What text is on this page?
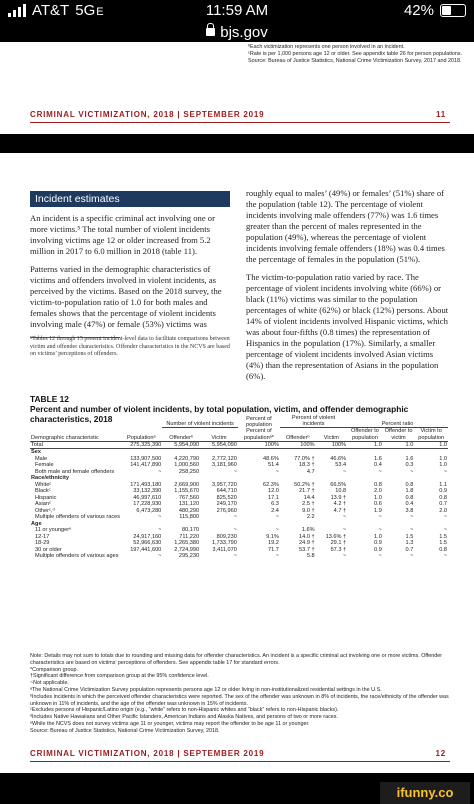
AT&T 5GE	11:59 AM	42%
bjs.gov
ᵇEach victimization represents one person involved in an incident.
ᶜRate is per 1,000 persons age 12 or older. See appendix table 26 for person populations.
Source: Bureau of Justice Statistics, National Crime Victimization Survey, 2017 and 2018.
CRIMINAL VICTIMIZATION, 2018 | SEPTEMBER 2019	11
Incident estimates

An incident is a specific criminal act involving one or more victims.⁵ The total number of violent incidents involving victims age 12 or older increased from 5.2 million in 2017 to 6.0 million in 2018 (table 11).

Patterns varied in the demographic characteristics of victims and offenders involved in violent incidents, as perceived by the victims. Based on the 2018 survey, the victim-to-population ratio of 1.0 for both males and females shows that the percentage of violent incidents involving male (47%) or female (53%) victims was

⁵Tables 12 through 15 present incident-level data to facilitate comparisons between victim and offender characteristics. Offender characteristics in the NCVS are based on victims’ perceptions of offenders.

roughly equal to males’ (49%) or females’ (51%) share of the population (table 12). The percentage of violent incidents involving male offenders (77%) was 1.6 times greater than the percent of males represented in the population (49%), whereas the percentage of violent incidents involving female offenders (18%) was 0.4 times the percentage of females in the population (51%).

The victim-to-population ratio varied by race. The percentage of violent incidents involving white (66%) or black (11%) victims was similar to the population percentages of white (62%) or black (12%) persons. About 14% of violent incidents involved Hispanic victims, which was about four-fifths (0.8 times) the representation of Hispanics in the population (17%). Similarly, a smaller percentage of violent incidents involved Asian victims (4%) than the representation of Asians in the population (6%).

TABLE 12
Percent and number of violent incidents, by total population, victim, and offender demographic characteristics, 2018
		Number of violent incidents		Percent of population	Percent of violent incidents		Percent ratio		
Demographic characteristic	Populationᵃ	Offenderᵇ	Victim	Percent of populationᵃ*	Offenderᵇ	Victim	Offender to population	Offender to victim	Victim to population
Total	275,325,390	5,954,090	5,954,090	100%	100%	100%	1.0	1.0	1.0
Sex									
Male	133,907,500	4,220,790	2,772,120	48.6%	77.0% †	46.6%	1.6	1.6	1.0
Female	141,417,890	1,000,560	3,181,960	51.4	18.3 †	53.4	0.4	0.3	1.0
Both male and female offenders	~	258,250	~	~	4.7	~	~	~	~
Race/ethnicity									
Whiteᶜ	171,493,180	2,669,900	3,957,720	62.3%	50.2% †	66.5%	0.8	0.8	1.1
Blackᶜ	33,132,390	1,155,670	644,710	12.0	21.7 †	10.8	2.0	1.8	0.9
Hispanic	46,997,610	767,560	825,520	17.1	14.4	13.9 †	1.0	0.8	0.8
Asianᶜ	17,228,930	131,120	249,170	6.3	2.5 †	4.2 †	0.6	0.4	0.7
Otherᶜ,ᵈ	6,473,280	480,290	276,960	2.4	9.0 †	4.7 †	1.9	3.8	2.0
Multiple offenders of various races	~	115,800	~	~	2.2	~	~	~	~
Age									
11 or youngerᵉ	~	80,170	~	~	1.6%	~	~	~	~
12-17	24,917,160	711,220	809,230	9.1%	14.0 †	13.6% †	1.0	1.5	1.5
18-29	52,966,630	1,265,380	1,733,790	19.2	24.9 †	29.1 †	0.9	1.3	1.5
30 or older	197,441,600	2,724,990	3,411,070	71.7	53.7 †	57.3 †	0.9	0.7	0.8
Multiple offenders of various ages	~	295,230	~	~	5.8	~	~	~	~
Note: Details may not sum to totals due to rounding and missing data for offender characteristics. An incident is a specific criminal act involving one or more victims. Offender characteristics are based on victims’ perceptions of offenders. See appendix table 17 for standard errors.
*Comparison group.
†Significant difference from comparison group at the 95% confidence level.
~Not applicable.
ᵃThe National Crime Victimization Survey population represents persons age 12 or older living in non-institutionalized residential settings in the U.S.
ᵇIncludes incidents in which the perceived offender characteristics were reported. The sex of the offender was unknown in 8% of incidents, the race/ethnicity of the offender was unknown in 11% of incidents, and the age of the offender was unknown in 15% of incidents.
ᶜExcludes persons of Hispanic/Latino origin (e.g., “white” refers to non-Hispanic whites and “black” refers to non-Hispanic blacks).
ᵈIncludes Native Hawaiians and Other Pacific Islanders, American Indians and Alaska Natives, and persons of two or more races.
ᵉWhile the NCVS does not survey victims age 11 or younger, victims may report the offender to be age 11 or younger.
Source: Bureau of Justice Statistics, National Crime Victimization Survey, 2018.
CRIMINAL VICTIMIZATION, 2018 | SEPTEMBER 2019	12
ifunny.co
